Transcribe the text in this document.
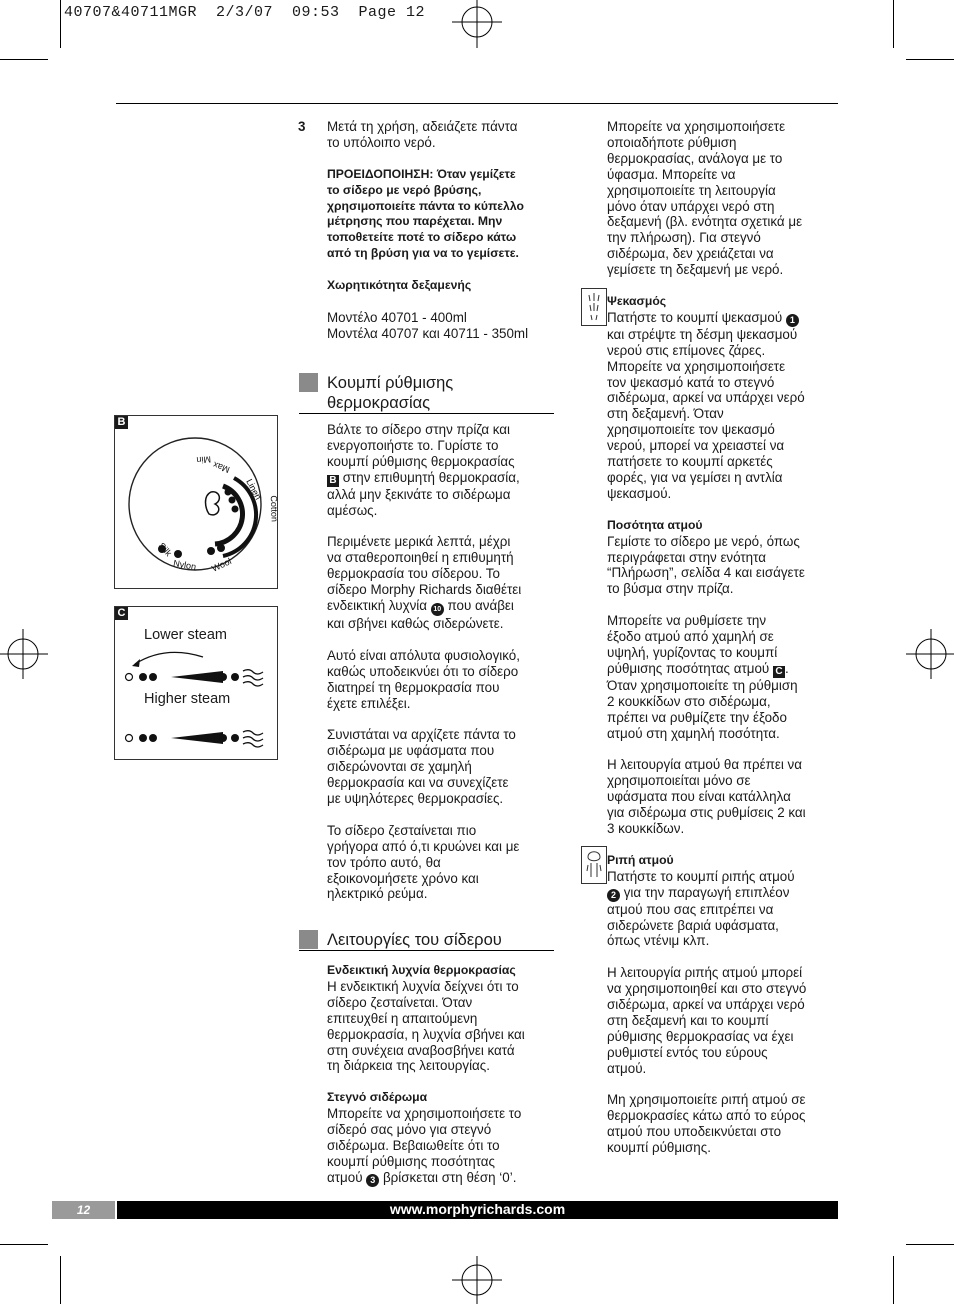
40707&40711MGR  2/3/07  09:53  Page 12
B
Min Max
Linen
Cotton
Wool
Nylon
Silk
C
Lower steam
Higher steam
3 Μετά τη χρήση, αδειάζετε πάντα
το υπόλοιπο νερό.
ΠΡΟΕΙΔΟΠΟΙΗΣΗ: Όταν γεμίζετε
το σίδερο με νερό βρύσης,
χρησιμοποιείτε πάντα το κύπελλο
μέτρησης που παρέχεται. Μην
τοποθετείτε ποτέ το σίδερο κάτω
από τη βρύση για να το γεμίσετε.
Χωρητικότητα δεξαμενής
Μοντέλο 40701 - 400ml
Μοντέλα 40707 και 40711 - 350ml
Κουμπί ρύθμισης
θερμοκρασίας
Βάλτε το σίδερο στην πρίζα και
ενεργοποιήστε το. Γυρίστε το
κουμπί ρύθμισης θερμοκρασίας
B στην επιθυμητή θερμοκρασία,
αλλά μην ξεκινάτε το σιδέρωμα
αμέσως.
Περιμένετε μερικά λεπτά, μέχρι
να σταθεροποιηθεί η επιθυμητή
θερμοκρασία του σίδερου. Το
σίδερο Morphy Richards διαθέτει
ενδεικτική λυχνία 10 που ανάβει
και σβήνει καθώς σιδερώνετε.
Αυτό είναι απόλυτα φυσιολογικό,
καθώς υποδεικνύει ότι το σίδερο
διατηρεί τη θερμοκρασία που
έχετε επιλέξει.
Συνιστάται να αρχίζετε πάντα το
σιδέρωμα με υφάσματα που
σιδερώνονται σε χαμηλή
θερμοκρασία και να συνεχίζετε
με υψηλότερες θερμοκρασίες.
Το σίδερο ζεσταίνεται πιο
γρήγορα από ό,τι κρυώνει και με
τον τρόπο αυτό, θα
εξοικονομήσετε χρόνο και
ηλεκτρικό ρεύμα.
Λειτουργίες του σίδερου
Ενδεικτική λυχνία θερμοκρασίας
Η ενδεικτική λυχνία δείχνει ότι το
σίδερο ζεσταίνεται. Όταν
επιτευχθεί η απαιτούμενη
θερμοκρασία, η λυχνία σβήνει και
στη συνέχεια αναβοσβήνει κατά
τη διάρκεια της λειτουργίας.
Στεγνό σιδέρωμα
Μπορείτε να χρησιμοποιήσετε το
σίδερό σας μόνο για στεγνό
σιδέρωμα. Βεβαιωθείτε ότι το
κουμπί ρύθμισης ποσότητας
ατμού 3 βρίσκεται στη θέση ‘0’.
Μπορείτε να χρησιμοποιήσετε
οποιαδήποτε ρύθμιση
θερμοκρασίας, ανάλογα με το
ύφασμα. Μπορείτε να
χρησιμοποιείτε τη λειτουργία
μόνο όταν υπάρχει νερό στη
δεξαμενή (βλ. ενότητα σχετικά με
την πλήρωση). Για στεγνό
σιδέρωμα, δεν χρειάζεται να
γεμίσετε τη δεξαμενή με νερό.
Ψεκασμός
Πατήστε το κουμπί ψεκασμού 1
και στρέψτε τη δέσμη ψεκασμού
νερού στις επίμονες ζάρες.
Μπορείτε να χρησιμοποιήσετε
τον ψεκασμό κατά το στεγνό
σιδέρωμα, αρκεί να υπάρχει νερό
στη δεξαμενή. Όταν
χρησιμοποιείτε τον ψεκασμό
νερού, μπορεί να χρειαστεί να
πατήσετε το κουμπί αρκετές
φορές, για να γεμίσει η αντλία
ψεκασμού.
Ποσότητα ατμού
Γεμίστε το σίδερο με νερό, όπως
περιγράφεται στην ενότητα
“Πλήρωση”, σελίδα 4 και εισάγετε
το βύσμα στην πρίζα.
Μπορείτε να ρυθμίσετε την
έξοδο ατμού από χαμηλή σε
υψηλή, γυρίζοντας το κουμπί
ρύθμισης ποσότητας ατμού C .
Όταν χρησιμοποιείτε τη ρύθμιση
2 κουκκίδων στο σιδέρωμα,
πρέπει να ρυθμίζετε την έξοδο
ατμού στη χαμηλή ποσότητα.
Η λειτουργία ατμού θα πρέπει να
χρησιμοποιείται μόνο σε
υφάσματα που είναι κατάλληλα
για σιδέρωμα στις ρυθμίσεις 2 και
3 κουκκίδων.
Ριπή ατμού
Πατήστε το κουμπί ριπής ατμού
2 για την παραγωγή επιπλέον
ατμού που σας επιτρέπει να
σιδερώνετε βαριά υφάσματα,
όπως ντένιμ κλπ.
Η λειτουργία ριπής ατμού μπορεί
να χρησιμοποιηθεί και στο στεγνό
σιδέρωμα, αρκεί να υπάρχει νερό
στη δεξαμενή και το κουμπί
ρύθμισης θερμοκρασίας να έχει
ρυθμιστεί εντός του εύρους
ατμού.
Μη χρησιμοποιείτε ριπή ατμού σε
θερμοκρασίες κάτω από το εύρος
ατμού που υποδεικνύεται στο
κουμπί ρύθμισης.
12	www.morphyrichards.com
